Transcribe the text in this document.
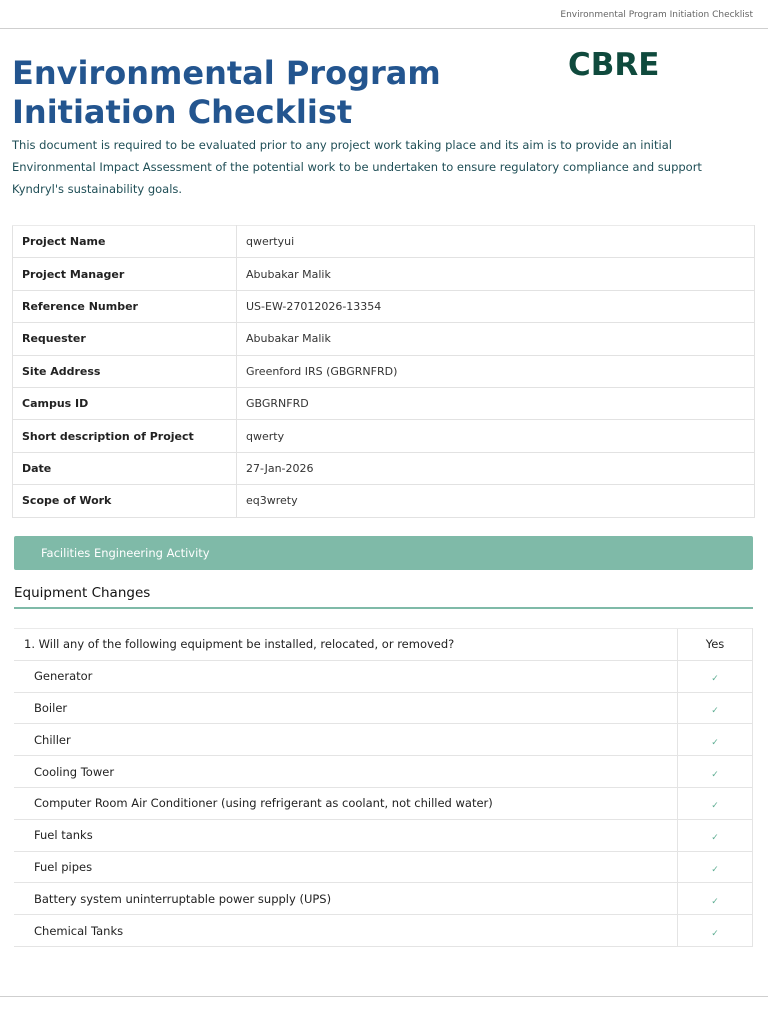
Environmental Program Initiation Checklist
Environmental Program Initiation Checklist
CBRE
This document is required to be evaluated prior to any project work taking place and its aim is to provide an initial Environmental Impact Assessment of the potential work to be undertaken to ensure regulatory compliance and support Kyndryl's sustainability goals.
Project Name	qwertyui
Project Manager	Abubakar Malik
Reference Number	US-EW-27012026-13354
Requester	Abubakar Malik
Site Address	Greenford IRS (GBGRNFRD)
Campus ID	GBGRNFRD
Short description of Project	qwerty
Date	27-Jan-2026
Scope of Work	eq3wrety
Facilities Engineering Activity
Equipment Changes
1. Will any of the following equipment be installed, relocated, or removed?	Yes
Generator	✓
Boiler	✓
Chiller	✓
Cooling Tower	✓
Computer Room Air Conditioner (using refrigerant as coolant, not chilled water)	✓
Fuel tanks	✓
Fuel pipes	✓
Battery system uninterruptable power supply (UPS)	✓
Chemical Tanks	✓
